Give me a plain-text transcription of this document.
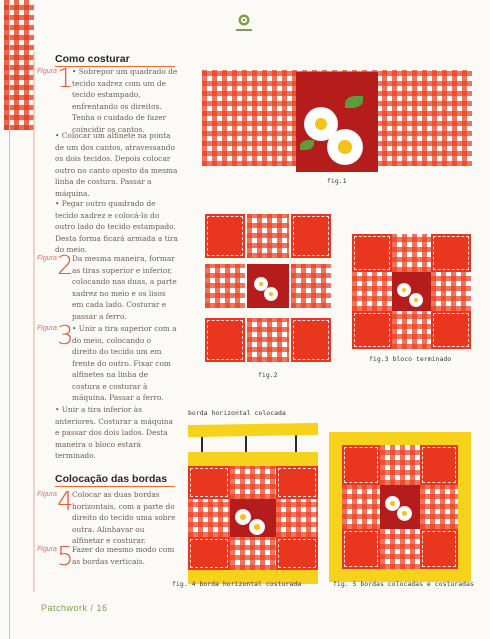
Como costurar
Figura 1
• Sobrepor um quadrado de tecido xadrez com um de tecido estampado, enfrentando os direitos. Tenha o cuidado de fazer coincidir os cantos.
• Colocar um alfinete na ponta de um dos cantos, atravessando os dois tecidos. Depois colocar outro no canto oposto da mesma linha de costura. Passar a máquina.
• Pegar outro quadrado de tecido xadrez e colocá-lo do outro lado do tecido estampado. Desta forma ficará armada a tira do meio.
Figura 2
Da mesma maneira, formar as tiras superior e inferior, colocando nas duas, a parte xadrez no meio e os lisos em cada lado. Costurar e passar a ferro.
Figura 3
• Unir a tira superior com a do meio, colocando o direito do tecido um em frente do outro. Fixar com alfinetes na linha de costura e costurar à máquina. Passar a ferro.
• Unir a tira inferior às anteriores. Costurar a máquina e passar dos dois lados. Desta maneira o bloco estará terminado.
Colocação das bordas
Figura 4
Colocar as duas bordas horizontais, com a parte do direito do tecido uma sobre outra. Alinhavar ou alfinetar e costurar.
Figura 5
Fazer do mesmo modo com as bordas verticais.
fig.1
fig.2
fig.3 bloco terminado
borda horizontal colocada
fig. 4 borda horizontal costurada	fig. 5 bordas colocadas e costuradas
Patchwork / 16
